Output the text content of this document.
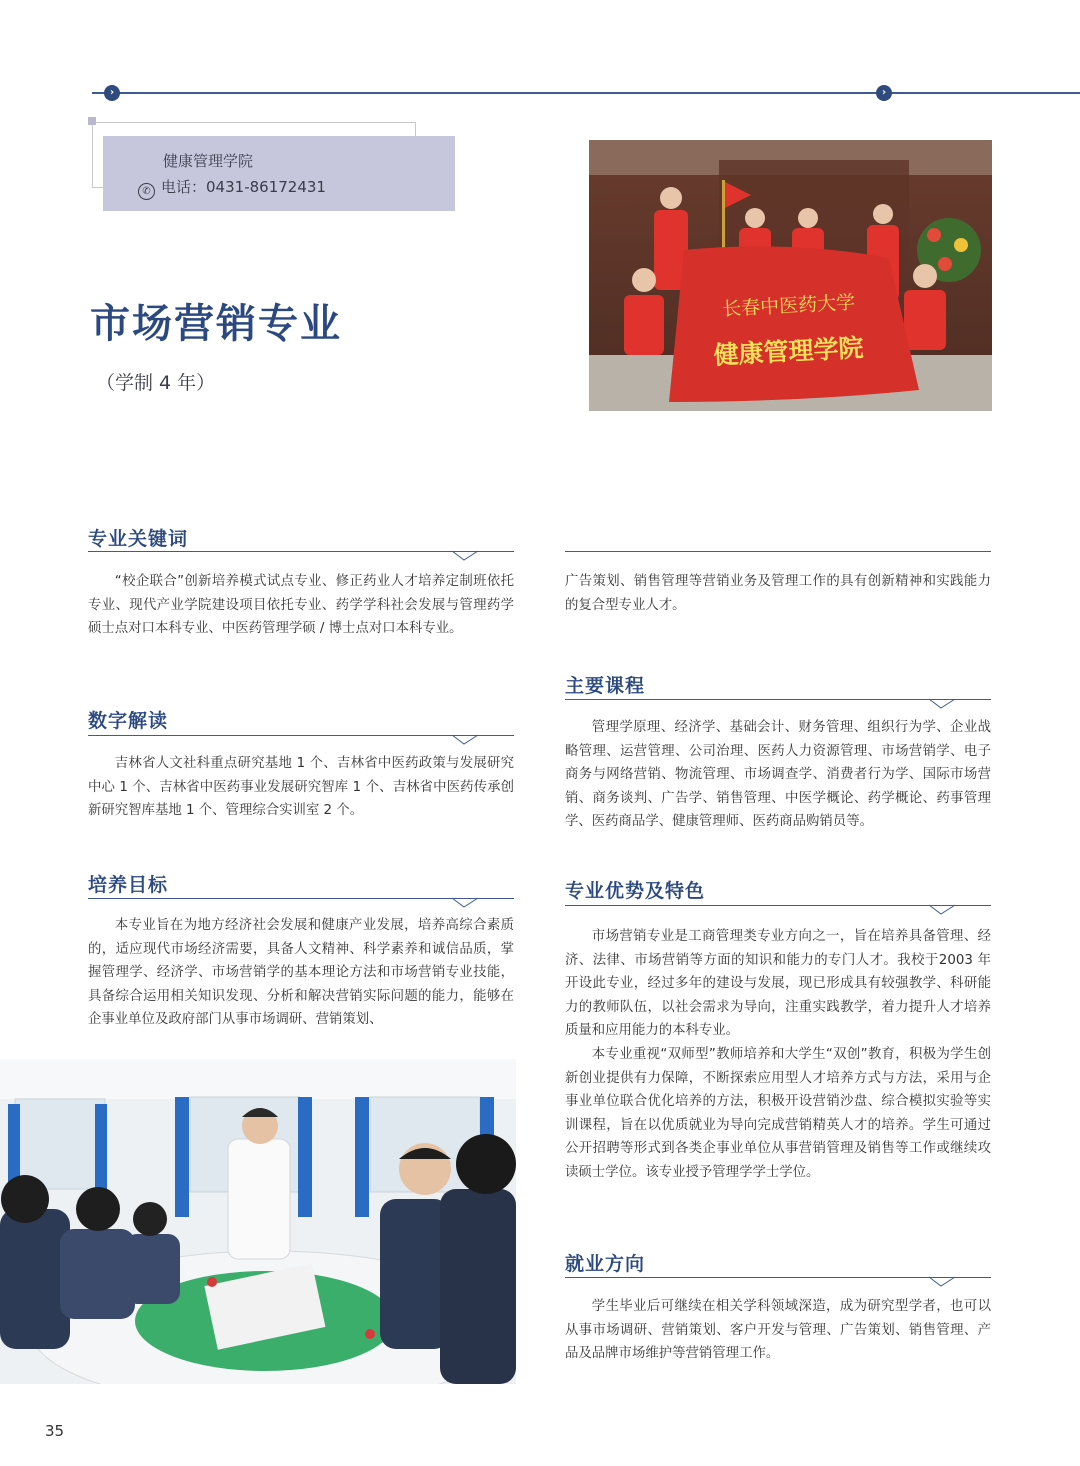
›	›
健康管理学院
✆ 电话：0431-86172431
市场营销专业
（学制 4 年）
长春中医药大学
健康管理学院
专业关键词

“校企联合”创新培养模式试点专业、修正药业人才培养定制班依托专业、现代产业学院建设项目依托专业、药学学科社会发展与管理药学硕士点对口本科专业、中医药管理学硕 / 博士点对口本科专业。

数字解读

吉林省人文社科重点研究基地 1 个、吉林省中医药政策与发展研究中心 1 个、吉林省中医药事业发展研究智库 1 个、吉林省中医药传承创新研究智库基地 1 个、管理综合实训室 2 个。

培养目标

本专业旨在为地方经济社会发展和健康产业发展，培养高综合素质的，适应现代市场经济需要，具备人文精神、科学素养和诚信品质，掌握管理学、经济学、市场营销学的基本理论方法和市场营销专业技能，具备综合运用相关知识发现、分析和解决营销实际问题的能力，能够在企事业单位及政府部门从事市场调研、营销策划、

广告策划、销售管理等营销业务及管理工作的具有创新精神和实践能力的复合型专业人才。

主要课程

管理学原理、经济学、基础会计、财务管理、组织行为学、企业战略管理、运营管理、公司治理、医药人力资源管理、市场营销学、电子商务与网络营销、物流管理、市场调查学、消费者行为学、国际市场营销、商务谈判、广告学、销售管理、中医学概论、药学概论、药事管理学、医药商品学、健康管理师、医药商品购销员等。

专业优势及特色

市场营销专业是工商管理类专业方向之一，旨在培养具备管理、经济、法律、市场营销等方面的知识和能力的专门人才。我校于2003 年开设此专业，经过多年的建设与发展，现已形成具有较强教学、科研能力的教师队伍，以社会需求为导向，注重实践教学，着力提升人才培养质量和应用能力的本科专业。

本专业重视“双师型”教师培养和大学生“双创”教育，积极为学生创新创业提供有力保障，不断探索应用型人才培养方式与方法，采用与企事业单位联合优化培养的方法，积极开设营销沙盘、综合模拟实验等实训课程，旨在以优质就业为导向完成营销精英人才的培养。学生可通过公开招聘等形式到各类企事业单位从事营销管理及销售等工作或继续攻读硕士学位。该专业授予管理学学士学位。

就业方向

学生毕业后可继续在相关学科领域深造，成为研究型学者，也可以从事市场调研、营销策划、客户开发与管理、广告策划、销售管理、产品及品牌市场维护等营销管理工作。

35
